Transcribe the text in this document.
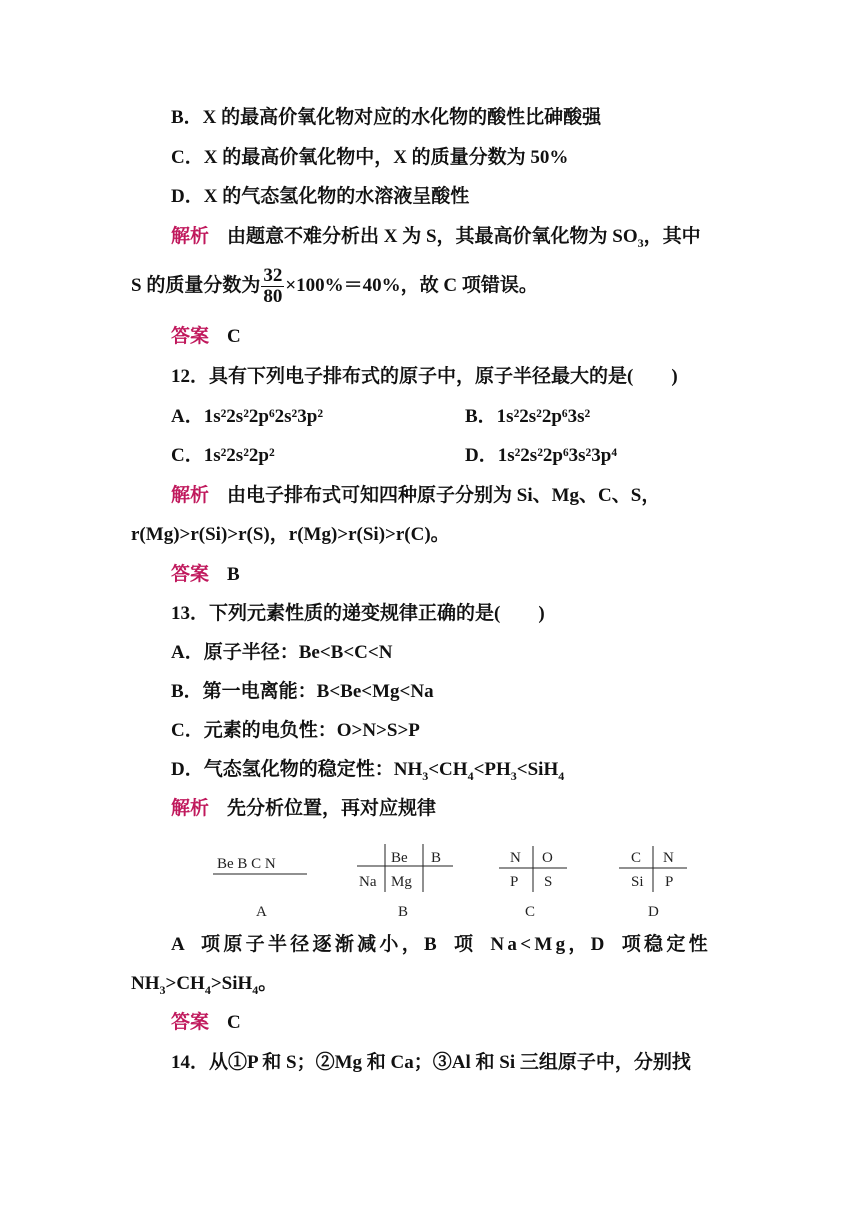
B．X 的最高价氧化物对应的水化物的酸性比砷酸强
C．X 的最高价氧化物中，X 的质量分数为 50%
D．X 的气态氢化物的水溶液呈酸性
解析 由题意不难分析出 X 为 S，其最高价氧化物为 $SO_3$，其中
S 的质量分数为 $\frac{32}{80} \times 100\%=40\%$，故 C 项错误。
答案 C
12．具有下列电子排布式的原子中，原子半径最大的是(　　)
A．1s²2s²2p⁶2s²3p²	B．1s²2s²2p⁶3s²
C．1s²2s²2p²	D．1s²2s²2p⁶3s²3p⁴
解析 由电子排布式可知四种原子分别为 Si、Mg、C、S，
r(Mg)>r(Si)>r(S)，r(Mg)>r(Si)>r(C)。
答案 B
13．下列元素性质的递变规律正确的是(　　)
A．原子半径：Be<B<C<N
B．第一电离能：B<Be<Mg<Na
C．元素的电负性：O>N>S>P
D．气态氢化物的稳定性：$NH_3<CH_4<PH_3<SiH_4$
解析 先分析位置，再对应规律
Be B C N
A
Be B
Na Mg
B
N O
P S
C
C N
Si P
D
A 项原子半径逐渐减小，B 项 Na<Mg，D 项稳定性
$NH_3>CH_4>SiH_4$。
答案 C
14．从①P 和 S；②Mg 和 Ca；③Al 和 Si 三组原子中，分别找
